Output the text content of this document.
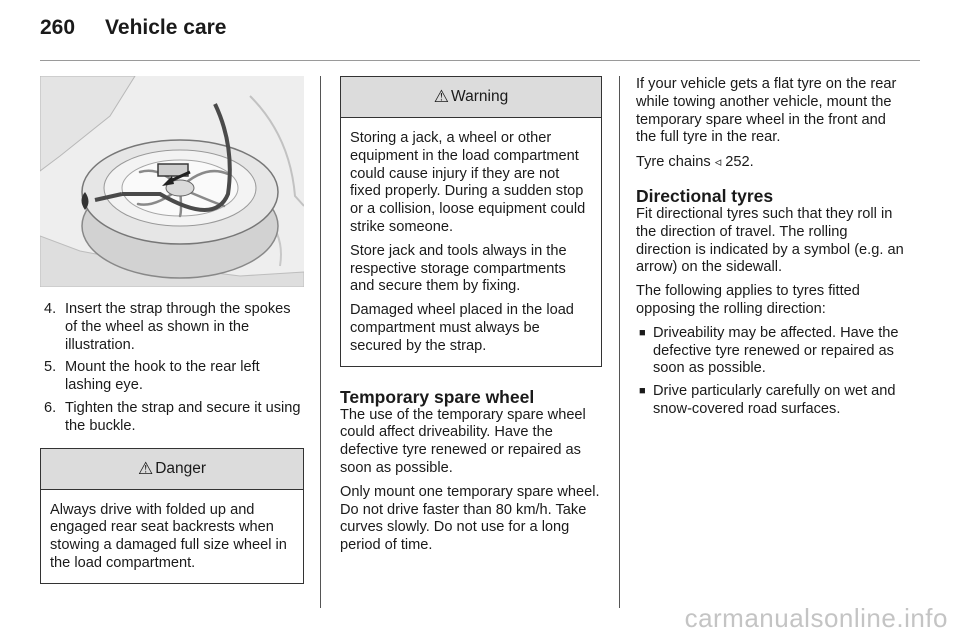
260 Vehicle care
4. Insert the strap through the spokes of the wheel as shown in the illustration.
5. Mount the hook to the rear left lashing eye.
6. Tighten the strap and secure it using the buckle.
⚠ Danger

Always drive with folded up and engaged rear seat backrests when stowing a damaged full size wheel in the load compartment.

⚠ Warning

Storing a jack, a wheel or other equipment in the load compartment could cause injury if they are not fixed properly. During a sudden stop or a collision, loose equipment could strike someone.

Store jack and tools always in the respective storage compartments and secure them by fixing.

Damaged wheel placed in the load compartment must always be secured by the strap.

Temporary spare wheel

The use of the temporary spare wheel could affect driveability. Have the defective tyre renewed or repaired as soon as possible.

Only mount one temporary spare wheel. Do not drive faster than 80 km/h. Take curves slowly. Do not use for a long period of time.

If your vehicle gets a flat tyre on the rear while towing another vehicle, mount the temporary spare wheel in the front and the full tyre in the rear.

Tyre chains ◃ 252.

Directional tyres

Fit directional tyres such that they roll in the direction of travel. The rolling direction is indicated by a symbol (e.g. an arrow) on the sidewall.

The following applies to tyres fitted opposing the rolling direction:

■ Driveability may be affected. Have the defective tyre renewed or repaired as soon as possible.
■ Drive particularly carefully on wet and snow-covered road surfaces.
carmanualsonline.info
